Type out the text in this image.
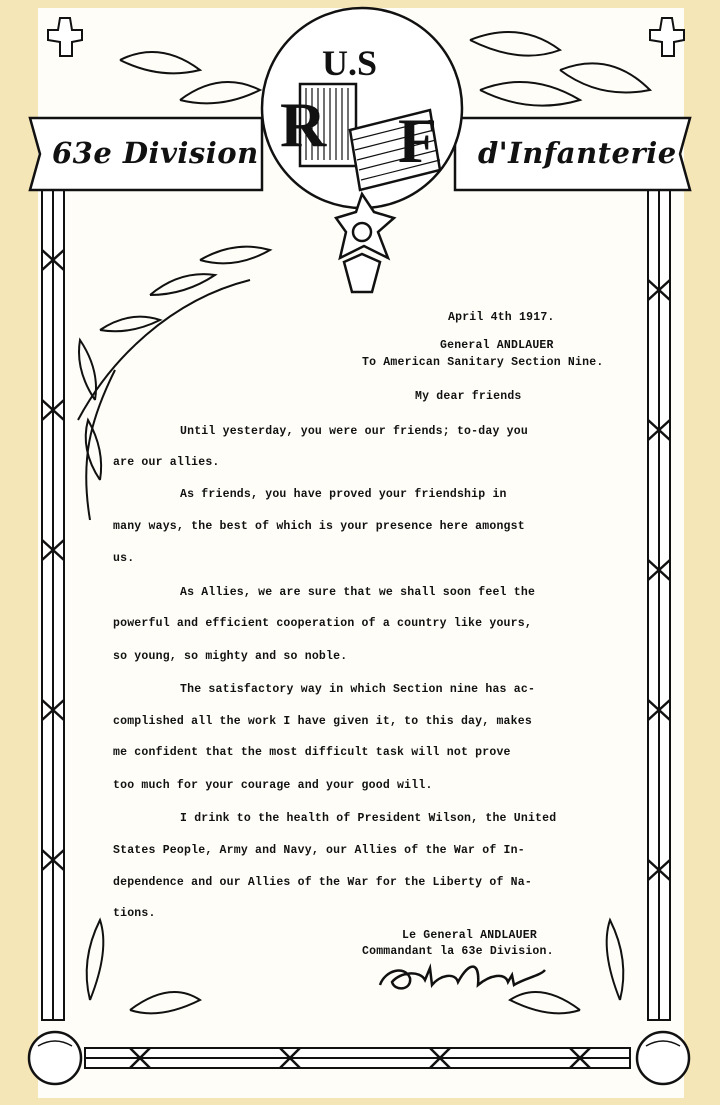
63e Division	d'Infanterie
U.S
R F
April 4th 1917.
General ANDLAUER
To American Sanitary Section Nine.
My dear friends
Until yesterday, you were our friends; to-day you
are our allies.
As friends, you have proved your friendship in
many ways, the best of which is your presence here amongst
us.
As Allies, we are sure that we shall soon feel the
powerful and efficient cooperation of a country like yours,
so young, so mighty and so noble.
The satisfactory way in which Section nine has ac-
complished all the work I have given it, to this day, makes
me confident that the most difficult task will not prove
too much for your courage and your good will.
I drink to the health of President Wilson, the United
States People, Army and Navy, our Allies of the War of In-
dependence and our Allies of the War for the Liberty of Na-
tions.
Le General ANDLAUER
Commandant la 63e Division.
